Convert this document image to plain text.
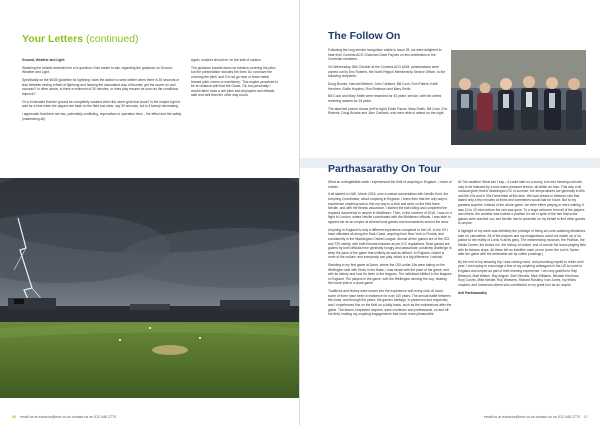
Your Letters (continued)

Ground, Weather and Light

Watching the rainfall reminded me of a question I had meant to ask, regarding the guidance on Ground, Weather and Light.

Specifically on the 50/30 guideline for lightning: does the advice to seek shelter when there is 30 seconds or less between seeing a flash of lightning and hearing the associated clap of thunder, get the scorer on and excused? In other words, is there a minimum of 30 minutes, or does play resume as soon as the conditions improve?

Or is it intended that the ground be completely vacated when the storm gets that close? Is the umpire right to wait for a time when the players are back on the field and clear, say 30 seconds, but is it twenty decreasing.

I appreciate that there are two, potentially conflicting, imperatives in operation here – the effect and the safety (maximising all).

Again, umpires should err on the side of caution.

The guidance booklet does not mention covering the pitch but the presentation includes the lines 'Do not leave the covering the pitch' and 'Do not go near or leave metal framed pitch covers or machinery'. This maybe perceived to be at variance with that the Game. Ok, but personally I would rather have a wet pitch and all players and officials safe and well than the other way round.

26 email us at ecbacos@ecb.co.uk contact us on 012 446 2770
The Follow On

Following the long service recognition article in issue 25, we were delighted to hear from Cumbria ACO Chairman Dave Paynes on this celebration in the Cumbrian members.

On Wednesday 26th October at the Cumbria ACO AGM, presentations were carried out by Eric Roberts, the North Region Membership Service Officer, to the following recipients:

Doug Brooke, Harvold Mitchell, John Cartland, Bill Cook, Ron Pullent, Keith Hendren, Eddie Hopkins, Ron Robinson and Mary Smith.

Bill Cook and Mary Smith were rewarded for 40 years' service, with the others receiving awards for 25 years.

The attached picture shows (left to right) Eddie Payne, Mary Smith, Bill Cook, Eric Roberts, Doug Brooke and John Cartland, who were able to attend on the night.

Parthasarathy On Tour

What an unforgettable week I experienced the thrill of umpiring in England – home of cricket.

It all started in UAE, March 2016, over a casual conversation with Neville Kent, the Umpiring Coordinator, about umpiring in England. I knew then that the only way to experience umpiring was to find my way to a club and work on the field there. Neville, and with the fitness assurance, I started the ball rolling and completed the required documents to umpire in Middlesex. Then, in the summer of 2016, I was on a flight to London, where Neville coordinated with the Middlesex officials. I was able to appoint me as an umpire at several local games and tournaments around the area.

Umpiring in England is truly a different experience compared to the US. In the US I have officiated all along the East Coast, umpiring from New York to Florida, and consistently in the Washington Cricket League. Almost all the games are of the ODI and T20 variety, with both formats followed as per ICC regulations. Most games are guided by both officials from generally hungry and passionate, positively challenge to keep the pace of the game that unlikely as wall as difficult. In England, cricket is more of the culture; and everybody can play, which is a big difference I noticed.

Standing in my first game at Acton, where the ODI-under-15s were taking on the Wellington side with Hicks in the finals, I was struck with the pace of the game, and with its history and how it's been in the leagues. The individual fulfilled in the leagues in England. The players in the game, with the Wellington winning the cup, beating the home side in a close game.

Traditions and history were woven into the experience with every club. At lunch, some of them have been in existence for over 100 years. The annual battle between the clubs, and through the years, the game's heritage, is preserved and respected, and I experienced this on the field on a daily basis, such as the celebrations after the game. The teams, respected umpires, were courteous and professional, on and off the field, making my umpiring engagements that much more pleasurable.

At The weather! What can I say – it could start on a sunny, turn into freezing cold rain, only to be followed by a nice warm pleasant breeze, all within an hour. This was a bit unusual given that in Washington DC in summer, the temperatures are generally in 80s and the 20s and in 90s Fahrenheit at this time. We took breaks in between rain that lasted only a few minutes at times and sometimes would last for hours. But to my greatest surprise, instead of the whole game, we were either playing or were waiting. It was 10 to 20 mins before the rain was gone. To a huge welcome from all of the players and others, the weather was indeed a positive for me in spite of the fact that some games were washed out, and Neville had to scramble on my behalf to find other games to umpire.

A highlight of my week was definitely the privilege of being at Lords watching Middlesex take on Lancashire. All of the pictures and my imaginations could not match up or do justice to the reality of Lords in all its glory. The mesmerizing museum, the Pavilion, the Media Centre, the Ashes urn, the history of cricket, and of course the iconic playing field with its famous slope. All these left an indelible mark on me (even the Lord's Tavern after the game with the delectable ale by coffee puddings.)

By the end of my amazing trip I was coming more, and promising myself to return next year, I am hoping to encourage a few of my umpiring colleagues in the US to come to England and umpire as part of their learning experience. I am very grateful to Ray Belwood, Matt Walton, Ray Angrax, Bob Vikrulds, Mick Williams, Michael Herriman, Rory Courts, Mike Neville, Roy Weavers, Richard Rushley, Ivan Jones, my fellow umpires, and numerous others who contributed to my great tour as an umpire.

Anil Parthasarathy

email us at ecbacos@ecb.co.uk contact us on 012 446 2770 27
